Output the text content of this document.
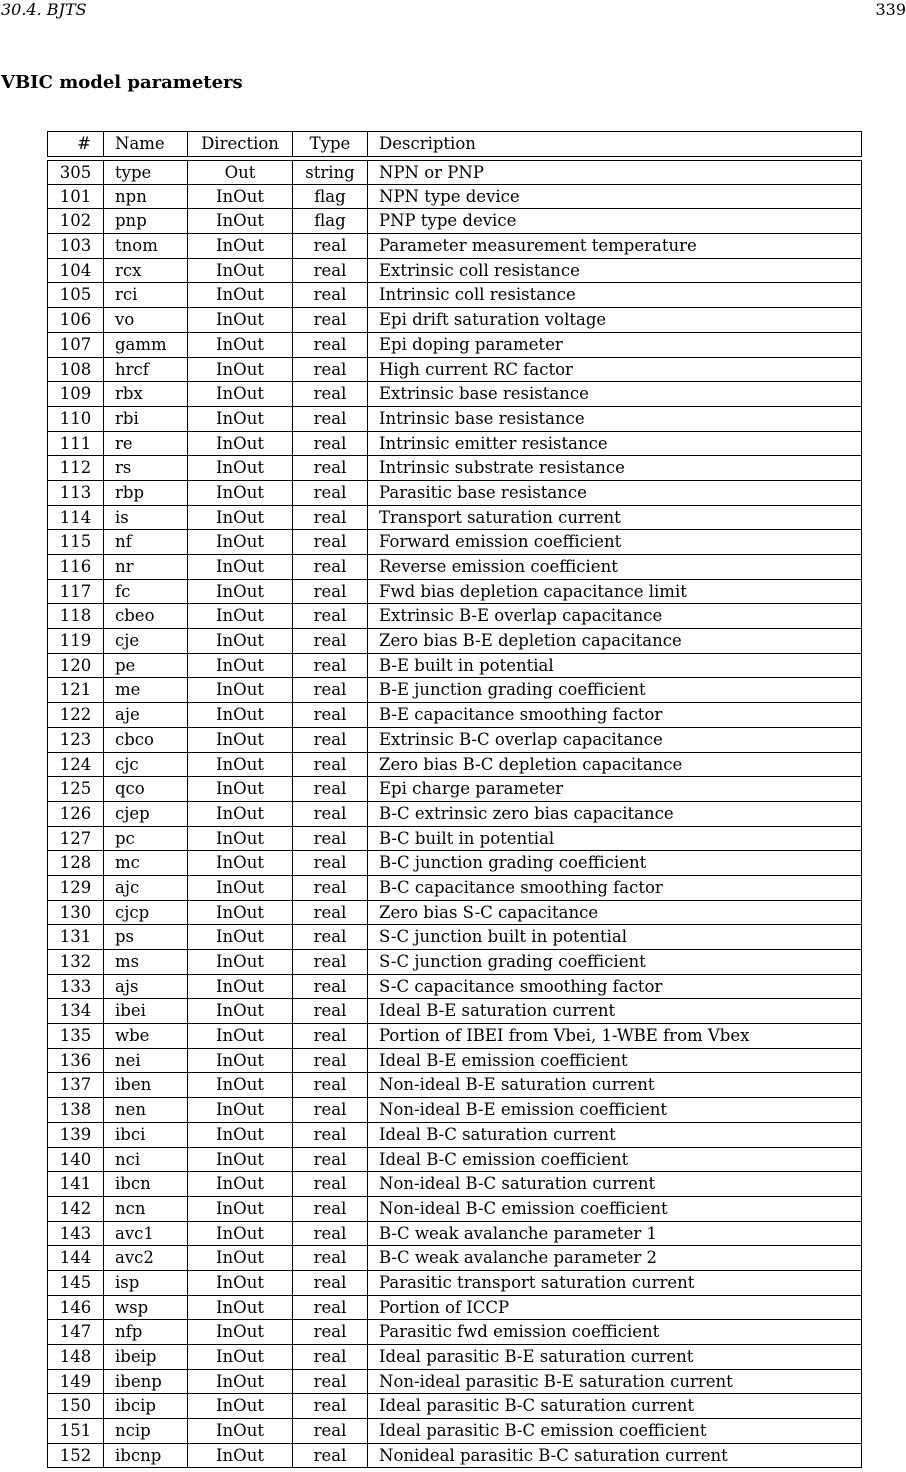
30.4. BJTS	339
VBIC model parameters
#	Name	Direction	Type	Description
305	type	Out	string	NPN or PNP
101	npn	InOut	flag	NPN type device
102	pnp	InOut	flag	PNP type device
103	tnom	InOut	real	Parameter measurement temperature
104	rcx	InOut	real	Extrinsic coll resistance
105	rci	InOut	real	Intrinsic coll resistance
106	vo	InOut	real	Epi drift saturation voltage
107	gamm	InOut	real	Epi doping parameter
108	hrcf	InOut	real	High current RC factor
109	rbx	InOut	real	Extrinsic base resistance
110	rbi	InOut	real	Intrinsic base resistance
111	re	InOut	real	Intrinsic emitter resistance
112	rs	InOut	real	Intrinsic substrate resistance
113	rbp	InOut	real	Parasitic base resistance
114	is	InOut	real	Transport saturation current
115	nf	InOut	real	Forward emission coefficient
116	nr	InOut	real	Reverse emission coefficient
117	fc	InOut	real	Fwd bias depletion capacitance limit
118	cbeo	InOut	real	Extrinsic B-E overlap capacitance
119	cje	InOut	real	Zero bias B-E depletion capacitance
120	pe	InOut	real	B-E built in potential
121	me	InOut	real	B-E junction grading coefficient
122	aje	InOut	real	B-E capacitance smoothing factor
123	cbco	InOut	real	Extrinsic B-C overlap capacitance
124	cjc	InOut	real	Zero bias B-C depletion capacitance
125	qco	InOut	real	Epi charge parameter
126	cjep	InOut	real	B-C extrinsic zero bias capacitance
127	pc	InOut	real	B-C built in potential
128	mc	InOut	real	B-C junction grading coefficient
129	ajc	InOut	real	B-C capacitance smoothing factor
130	cjcp	InOut	real	Zero bias S-C capacitance
131	ps	InOut	real	S-C junction built in potential
132	ms	InOut	real	S-C junction grading coefficient
133	ajs	InOut	real	S-C capacitance smoothing factor
134	ibei	InOut	real	Ideal B-E saturation current
135	wbe	InOut	real	Portion of IBEI from Vbei, 1-WBE from Vbex
136	nei	InOut	real	Ideal B-E emission coefficient
137	iben	InOut	real	Non-ideal B-E saturation current
138	nen	InOut	real	Non-ideal B-E emission coefficient
139	ibci	InOut	real	Ideal B-C saturation current
140	nci	InOut	real	Ideal B-C emission coefficient
141	ibcn	InOut	real	Non-ideal B-C saturation current
142	ncn	InOut	real	Non-ideal B-C emission coefficient
143	avc1	InOut	real	B-C weak avalanche parameter 1
144	avc2	InOut	real	B-C weak avalanche parameter 2
145	isp	InOut	real	Parasitic transport saturation current
146	wsp	InOut	real	Portion of ICCP
147	nfp	InOut	real	Parasitic fwd emission coefficient
148	ibeip	InOut	real	Ideal parasitic B-E saturation current
149	ibenp	InOut	real	Non-ideal parasitic B-E saturation current
150	ibcip	InOut	real	Ideal parasitic B-C saturation current
151	ncip	InOut	real	Ideal parasitic B-C emission coefficient
152	ibcnp	InOut	real	Nonideal parasitic B-C saturation current
